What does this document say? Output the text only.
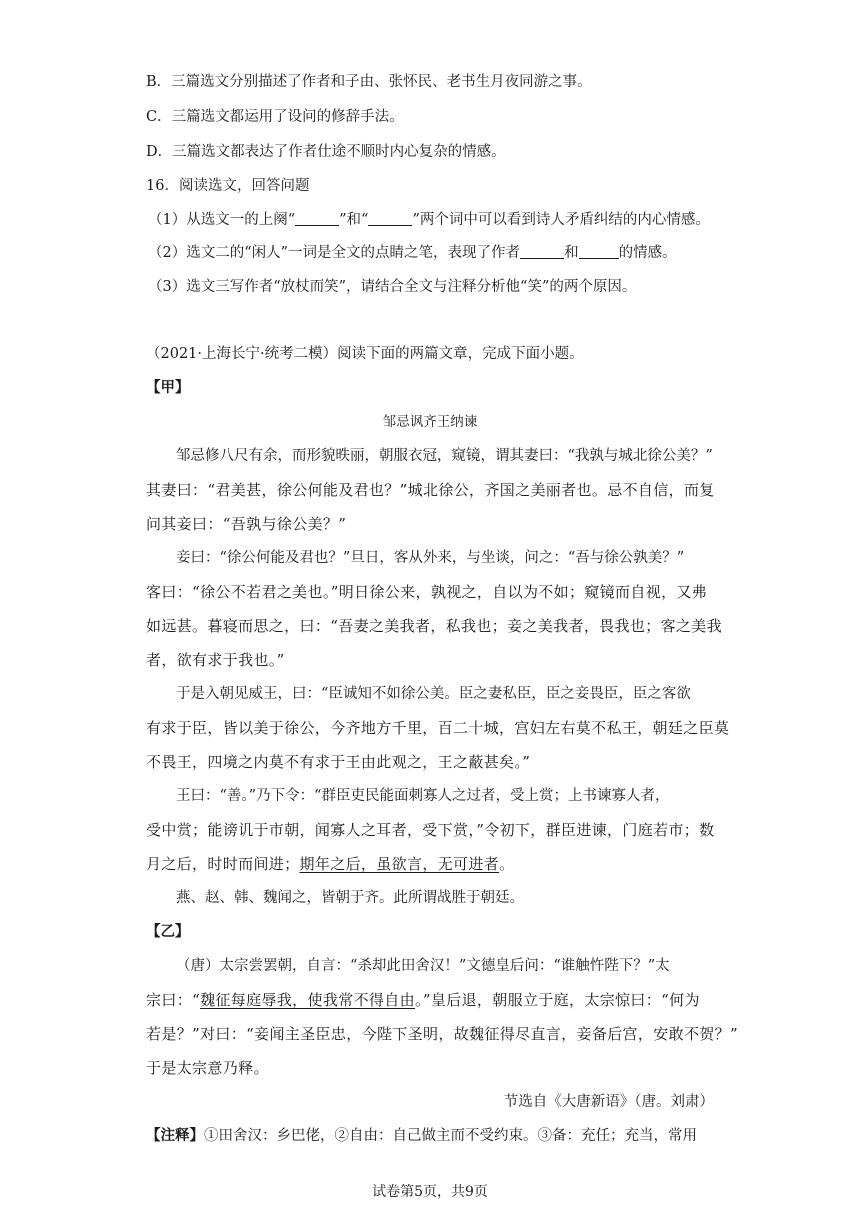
B．三篇选文分别描述了作者和子由、张怀民、老书生月夜同游之事。
C．三篇选文都运用了设问的修辞手法。
D．三篇选文都表达了作者仕途不顺时内心复杂的情感。
16．阅读选文，回答问题
（1）从选文一的上阕“	”和“	”两个词中可以看到诗人矛盾纠结的内心情感。
（2）选文二的“闲人”一词是全文的点睛之笔，表现了作者	和	的情感。
（3）选文三写作者“放杖而笑”，请结合全文与注释分析他“笑”的两个原因。
（2021·上海长宁·统考二模）阅读下面的两篇文章，完成下面小题。
【甲】
邹忌讽齐王纳谏
邹忌修八尺有余，而形貌昳丽，朝服衣冠，窥镜，谓其妻曰：“我孰与城北徐公美？”
其妻曰：“君美甚，徐公何能及君也？”城北徐公，齐国之美丽者也。忌不自信，而复
问其妾曰：“吾孰与徐公美？”
妾曰：“徐公何能及君也？”旦日，客从外来，与坐谈，问之：“吾与徐公孰美？”
客曰：“徐公不若君之美也。”明日徐公来，孰视之，自以为不如；窥镜而自视，又弗
如远甚。暮寝而思之，曰：“吾妻之美我者，私我也；妾之美我者，畏我也；客之美我
者，欲有求于我也。”
于是入朝见威王，曰：“臣诚知不如徐公美。臣之妻私臣，臣之妾畏臣，臣之客欲
有求于臣，皆以美于徐公，今齐地方千里，百二十城，宫妇左右莫不私王，朝廷之臣莫
不畏王，四境之内莫不有求于王由此观之，王之蔽甚矣。”
王曰：“善。”乃下令：“群臣吏民能面刺寡人之过者，受上赏；上书谏寡人者，
受中赏；能谤讥于市朝，闻寡人之耳者，受下赏，”令初下，群臣进谏，门庭若市；数
月之后，时时而间进；期年之后，虽欲言，无可进者。
燕、赵、韩、魏闻之，皆朝于齐。此所谓战胜于朝廷。
【乙】
（唐）太宗尝罢朝，自言：“杀却此田舍汉！”文德皇后问：“谁触忤陛下？”太
宗曰：“魏征每庭辱我，使我常不得自由。”皇后退，朝服立于庭，太宗惊曰：“何为
若是？”对曰：“妾闻主圣臣忠，今陛下圣明，故魏征得尽直言，妾备后宫，安敢不贺？”
于是太宗意乃释。
节选自《大唐新语》（唐。刘肃）
【注释】①田舍汉：乡巴佬，②自由：自己做主而不受约束。③备：充任；充当，常用
试卷第5页，共9页
